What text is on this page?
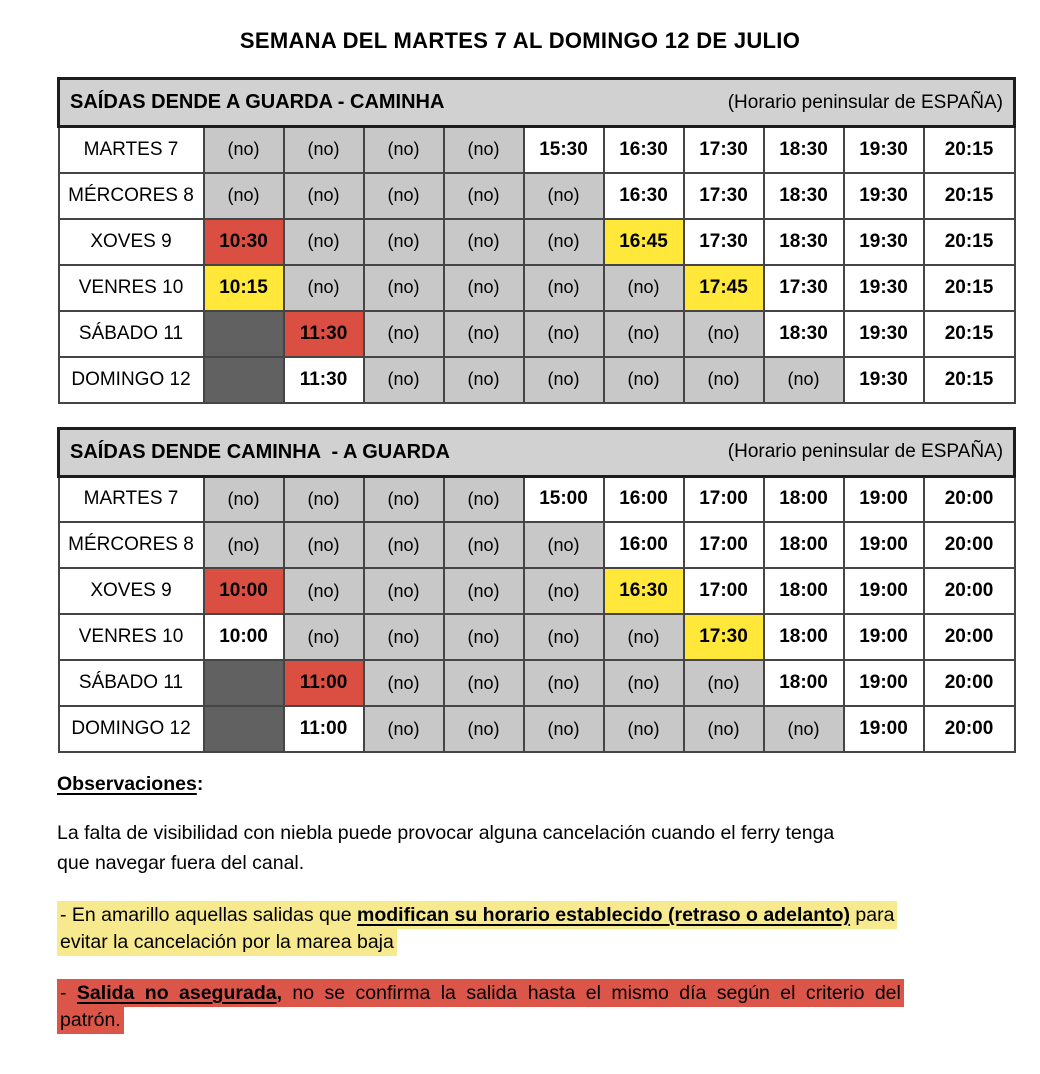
SEMANA DEL MARTES 7 AL DOMINGO 12 DE JULIO
SAÍDAS DENDE A GUARDA - CAMINHA (Horario peninsular de ESPAÑA)										

MARTES 7	(no)	(no)	(no)	(no)	15:30	16:30	17:30	18:30	19:30	20:15
MÉRCORES 8	(no)	(no)	(no)	(no)	(no)	16:30	17:30	18:30	19:30	20:15
XOVES 9	10:30	(no)	(no)	(no)	(no)	16:45	17:30	18:30	19:30	20:15
VENRES 10	10:15	(no)	(no)	(no)	(no)	(no)	17:45	17:30	19:30	20:15
SÁBADO 11		11:30	(no)	(no)	(no)	(no)	(no)	18:30	19:30	20:15
DOMINGO 12		11:30	(no)	(no)	(no)	(no)	(no)	(no)	19:30	20:15
SAÍDAS DENDE CAMINHA  - A GUARDA (Horario peninsular de ESPAÑA)										

MARTES 7	(no)	(no)	(no)	(no)	15:00	16:00	17:00	18:00	19:00	20:00
MÉRCORES 8	(no)	(no)	(no)	(no)	(no)	16:00	17:00	18:00	19:00	20:00
XOVES 9	10:00	(no)	(no)	(no)	(no)	16:30	17:00	18:00	19:00	20:00
VENRES 10	10:00	(no)	(no)	(no)	(no)	(no)	17:30	18:00	19:00	20:00
SÁBADO 11		11:00	(no)	(no)	(no)	(no)	(no)	18:00	19:00	20:00
DOMINGO 12		11:00	(no)	(no)	(no)	(no)	(no)	(no)	19:00	20:00

Observaciones:

La falta de visibilidad con niebla puede provocar alguna cancelación cuando el ferry tenga
que navegar fuera del canal.

- En amarillo aquellas salidas que modifican su horario establecido (retraso o adelanto) para
evitar la cancelación por la marea baja

- Salida no asegurada, no se confirma la salida hasta el mismo día según el criterio del
patrón.
